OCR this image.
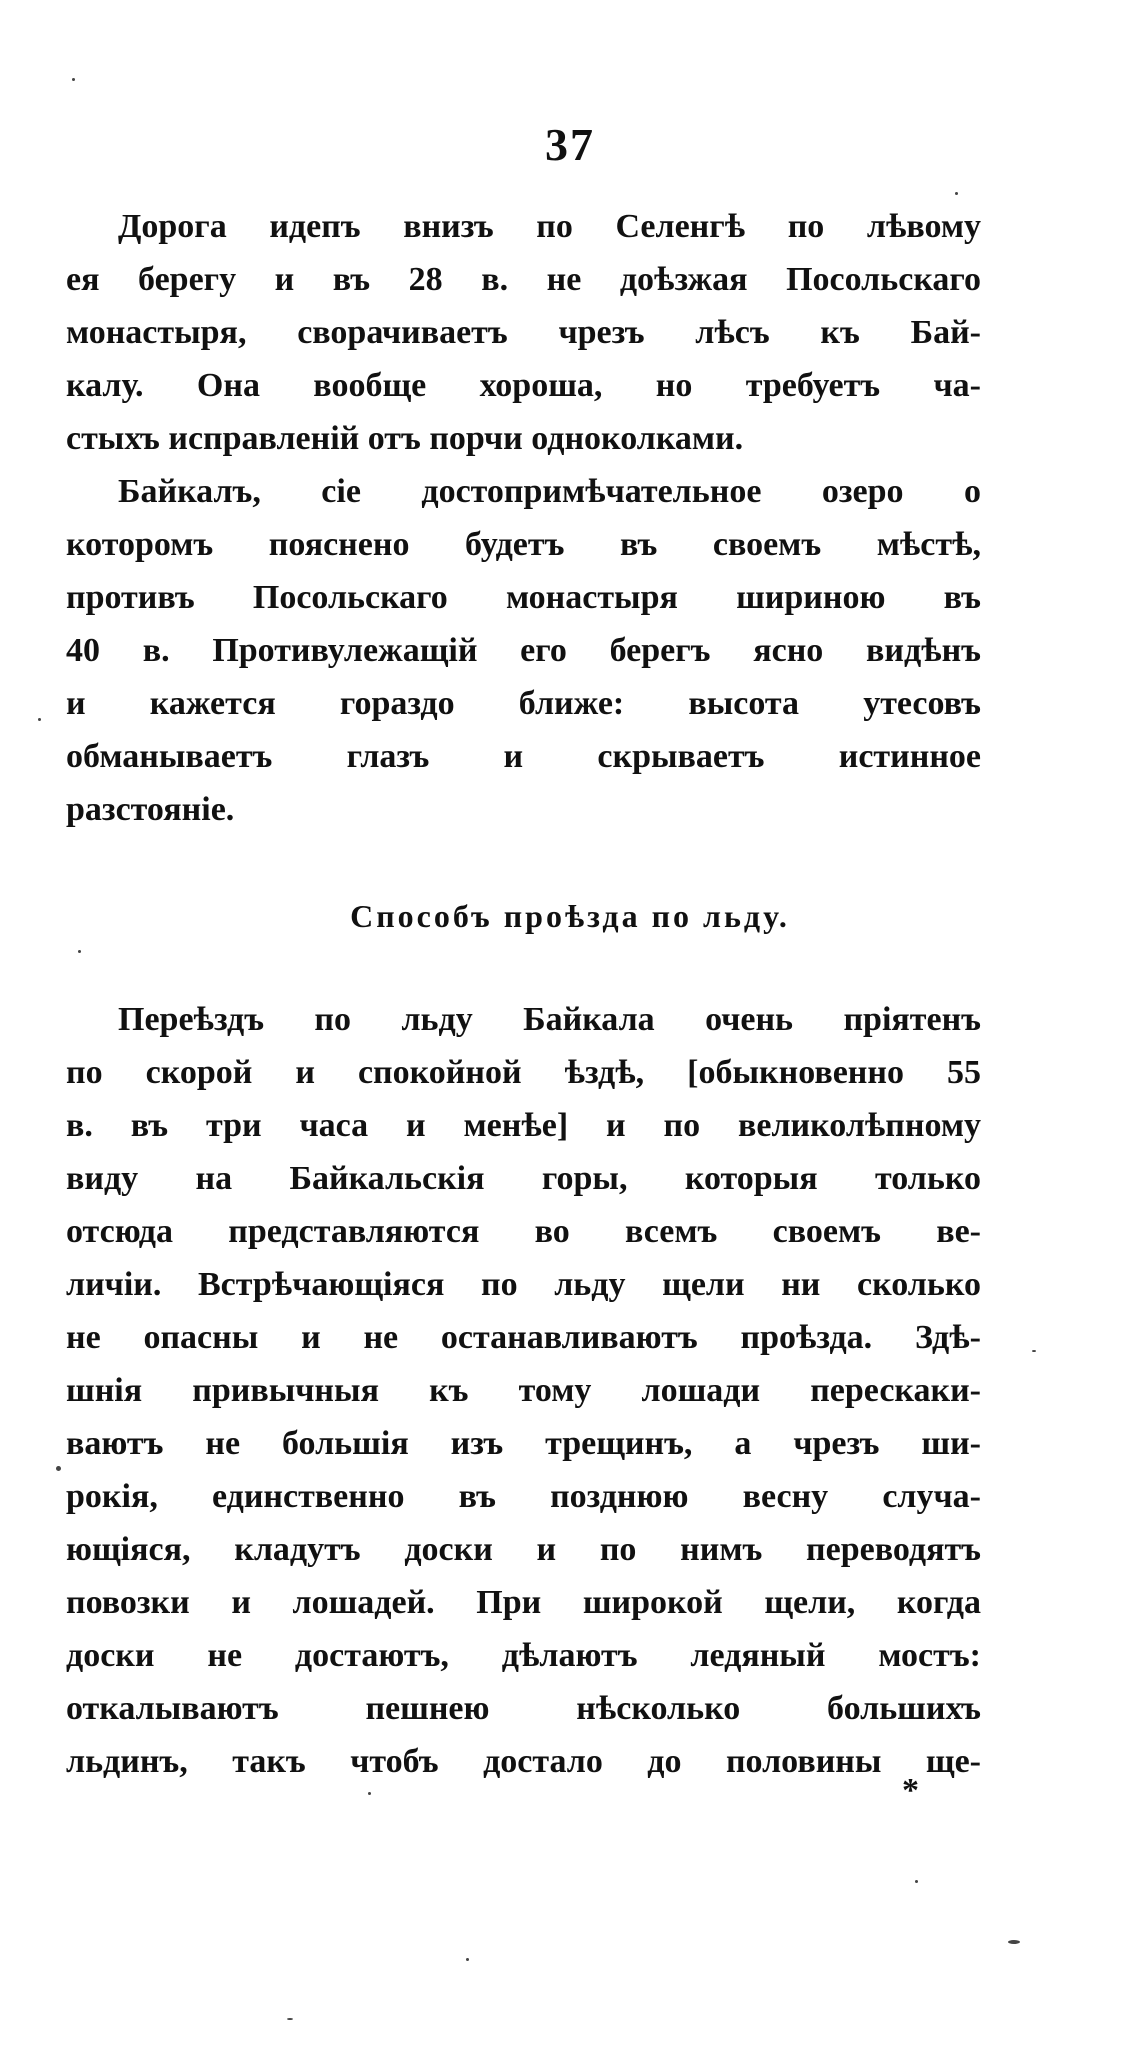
37
Дорога идепъ внизъ по Селенгѣ по лѣвому
ея берегу и въ 28 в. не доѣзжая Посольскаго
монастыря, сворачиваетъ чрезъ лѣсъ къ Бай-
калу. Она вообще хороша, но требуетъ ча-
стыхъ исправленій отъ порчи одноколками.
Байкалъ, сіе достопримѣчательное озеро о
которомъ пояснено будетъ въ своемъ мѣстѣ,
противъ Посольскаго монастыря шириною въ
40 в. Противулежащій его берегъ ясно видѣнъ
и кажется гораздо ближе: высота утесовъ
обманываетъ глазъ и скрываетъ истинное
разстояніе.
Способъ проѣзда по льду.
Переѣздъ по льду Байкала очень пріятенъ
по скорой и спокойной ѣздѣ, [обыкновенно 55
в. въ три часа и менѣе] и по великолѣпному
виду на Байкальскія горы, которыя только
отсюда представляются во всемъ своемъ ве-
личіи. Встрѣчающіяся по льду щели ни сколько
не опасны и не останавливаютъ проѣзда. Здѣ-
шнія привычныя къ тому лошади перескаки-
ваютъ не большія изъ трещинъ, а чрезъ ши-
рокія, единственно въ позднюю весну случа-
ющіяся, кладутъ доски и по нимъ переводятъ
повозки и лошадей. При широкой щели, когда
доски не достаютъ, дѣлаютъ ледяный мостъ:
откалываютъ пешнею нѣсколько большихъ
льдинъ, такъ чтобъ достало до половины ще-
*
